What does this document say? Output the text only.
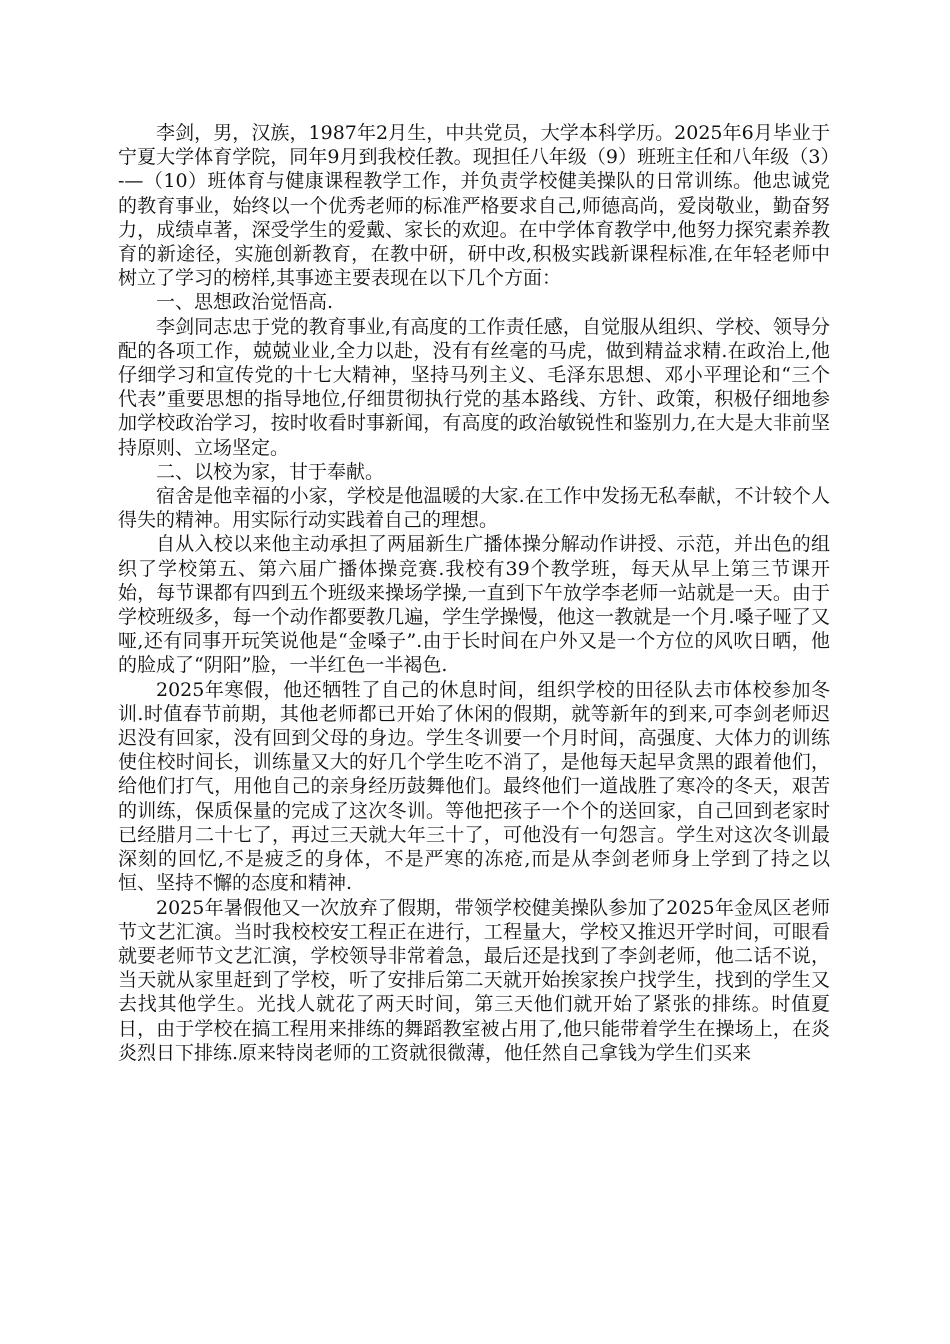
李剑，男，汉族，1987年2月生，中共党员，大学本科学历。2025年6月毕业于宁夏大学体育学院，同年9月到我校任教。现担任八年级（9）班班主任和八年级（3）-—（10）班体育与健康课程教学工作，并负责学校健美操队的日常训练。他忠诚党的教育事业，始终以一个优秀老师的标准严格要求自己,师德高尚，爱岗敬业，勤奋努力，成绩卓著，深受学生的爱戴、家长的欢迎。在中学体育教学中,他努力探究素养教育的新途径，实施创新教育，在教中研，研中改,积极实践新课程标准,在年轻老师中树立了学习的榜样,其事迹主要表现在以下几个方面：

一、思想政治觉悟高.

李剑同志忠于党的教育事业,有高度的工作责任感，自觉服从组织、学校、领导分配的各项工作，兢兢业业,全力以赴，没有有丝毫的马虎，做到精益求精.在政治上,他仔细学习和宣传党的十七大精神，坚持马列主义、毛泽东思想、邓小平理论和“三个代表”重要思想的指导地位,仔细贯彻执行党的基本路线、方针、政策，积极仔细地参加学校政治学习，按时收看时事新闻，有高度的政治敏锐性和鉴别力,在大是大非前坚持原则、立场坚定。

二、以校为家，甘于奉献。

宿舍是他幸福的小家，学校是他温暖的大家.在工作中发扬无私奉献，不计较个人得失的精神。用实际行动实践着自己的理想。

自从入校以来他主动承担了两届新生广播体操分解动作讲授、示范，并出色的组织了学校第五、第六届广播体操竞赛.我校有39个教学班，每天从早上第三节课开始，每节课都有四到五个班级来操场学操,一直到下午放学李老师一站就是一天。由于学校班级多，每一个动作都要教几遍，学生学操慢，他这一教就是一个月.嗓子哑了又哑,还有同事开玩笑说他是“金嗓子”.由于长时间在户外又是一个方位的风吹日晒，他的脸成了“阴阳”脸，一半红色一半褐色.

2025年寒假，他还牺牲了自己的休息时间，组织学校的田径队去市体校参加冬训.时值春节前期，其他老师都已开始了休闲的假期，就等新年的到来,可李剑老师迟迟没有回家，没有回到父母的身边。学生冬训要一个月时间，高强度、大体力的训练使住校时间长，训练量又大的好几个学生吃不消了，是他每天起早贪黑的跟着他们，给他们打气，用他自己的亲身经历鼓舞他们。最终他们一道战胜了寒冷的冬天，艰苦的训练，保质保量的完成了这次冬训。等他把孩子一个个的送回家，自己回到老家时已经腊月二十七了，再过三天就大年三十了，可他没有一句怨言。学生对这次冬训最深刻的回忆,不是疲乏的身体，不是严寒的冻疮,而是从李剑老师身上学到了持之以恒、坚持不懈的态度和精神.

2025年暑假他又一次放弃了假期，带领学校健美操队参加了2025年金凤区老师节文艺汇演。当时我校校安工程正在进行，工程量大，学校又推迟开学时间，可眼看就要老师节文艺汇演，学校领导非常着急，最后还是找到了李剑老师，他二话不说，当天就从家里赶到了学校，听了安排后第二天就开始挨家挨户找学生，找到的学生又去找其他学生。光找人就花了两天时间，第三天他们就开始了紧张的排练。时值夏日，由于学校在搞工程用来排练的舞蹈教室被占用了,他只能带着学生在操场上，在炎炎烈日下排练.原来特岗老师的工资就很微薄，他任然自己拿钱为学生们买来
